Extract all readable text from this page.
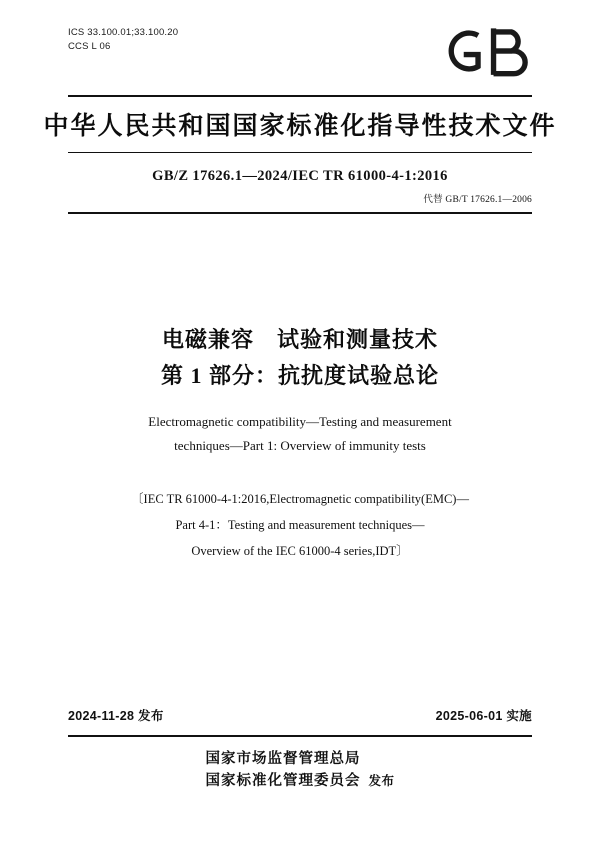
ICS 33.100.01;33.100.20
CCS L 06
中华人民共和国国家标准化指导性技术文件
GB/Z 17626.1—2024/IEC TR 61000-4-1:2016
代替 GB/T 17626.1—2006
电磁兼容　试验和测量技术
第 1 部分：抗扰度试验总论
Electromagnetic compatibility—Testing and measurement
techniques—Part 1: Overview of immunity tests
〔IEC TR 61000-4-1:2016,Electromagnetic compatibility(EMC)—
Part 4-1：Testing and measurement techniques—
Overview of the IEC 61000-4 series,IDT〕
2024-11-28 发布	2025-06-01 实施
国家市场监督管理总局
国家标准化管理委员会 发布
